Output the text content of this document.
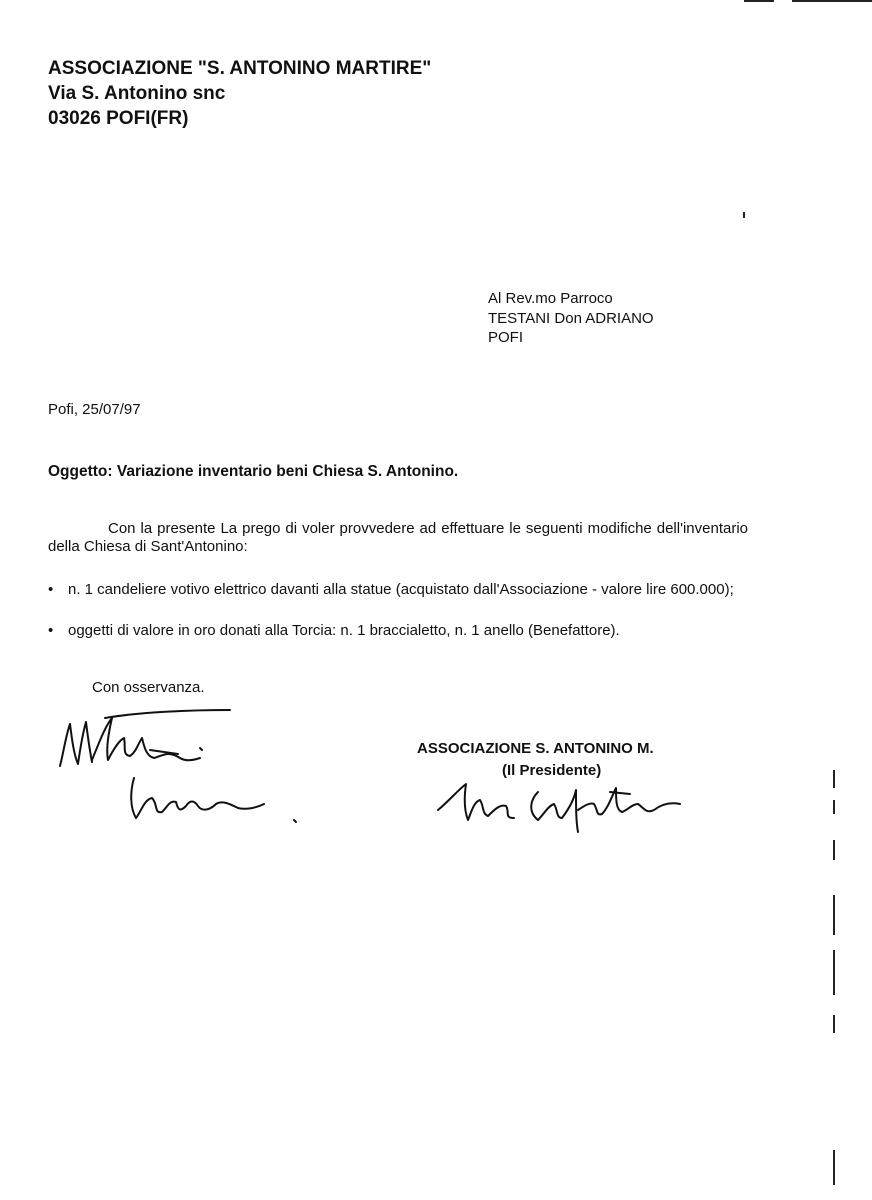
ASSOCIAZIONE "S. ANTONINO MARTIRE"
Via S. Antonino snc
03026 POFI(FR)
Al Rev.mo Parroco
TESTANI Don ADRIANO
POFI
Pofi, 25/07/97
Oggetto: Variazione inventario beni Chiesa S. Antonino.
Con la presente La prego di voler provvedere ad effettuare le seguenti modifiche dell'inventario della Chiesa di Sant'Antonino:
• n. 1 candeliere votivo elettrico davanti alla statue (acquistato dall'Associazione - valore lire 600.000);
• oggetti di valore in oro donati alla Torcia: n. 1 braccialetto, n. 1 anello (Benefattore).
Con osservanza.
ASSOCIAZIONE S. ANTONINO M.
(Il Presidente)
